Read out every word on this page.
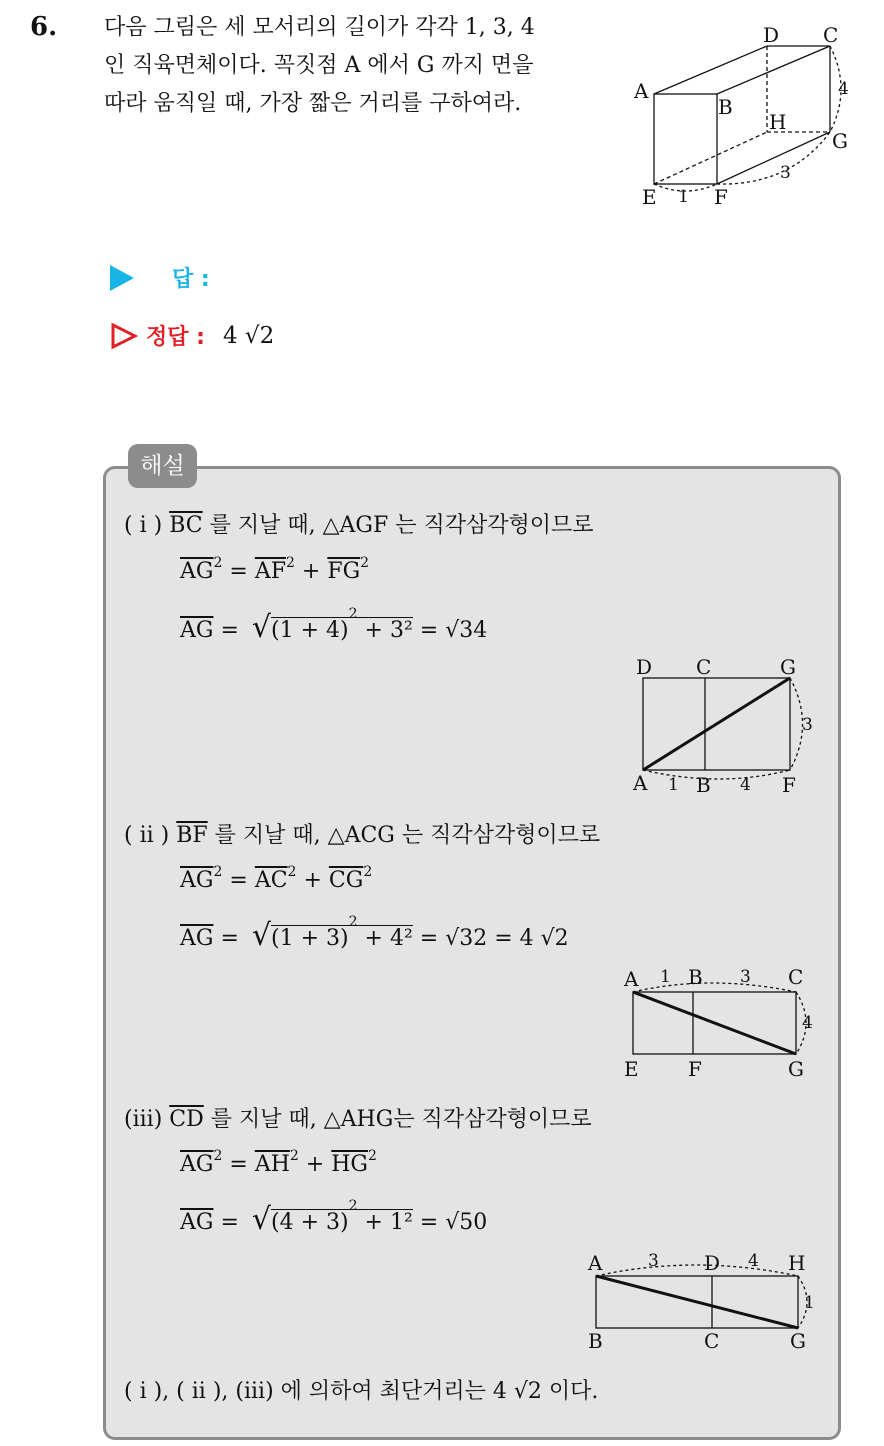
6. 다음 그림은 세 모서리의 길이가 각각 1, 3, 4
인 직육면체이다. 꼭짓점 A 에서 G 까지 면을
따라 움직일 때, 가장 짧은 거리를 구하여라.	A
B
C
D
E	F
G
H
1
3
4
답 :
정답 : 4 √2
해설
( i ) $\overline{BC}$ 를 지날 때, △AGF 는 직각삼각형이므로
$\overline{AG}^2 = \overline{AF}^2 + \overline{FG}^2$
$\overline{AG} = √(1 + 4)^2 + 3^2 = √34$
D C	G
A 1 B 4 F
3
( ii ) $\overline{BF}$ 를 지날 때, △ACG 는 직각삼각형이므로
$\overline{AG}^2 = \overline{AC}^2 + \overline{CG}^2$
$\overline{AG} = √(1 + 3)^2 + 4^2 = √32 = 4$ √2
A 1 B 3 C
4
E F	G
(iii) $\overline{CD}$ 를 지날 때, △AHG는 직각삼각형이므로
$\overline{AG}^2 = \overline{AH}^2 + \overline{HG}^2$
$\overline{AG} = √(4 + 3)^2 + 1^2 = √50$
A	3 D 4 H
1
B	C	G
( i ), ( ii ), (iii) 에 의하여 최단거리는 4 √2 이다.
